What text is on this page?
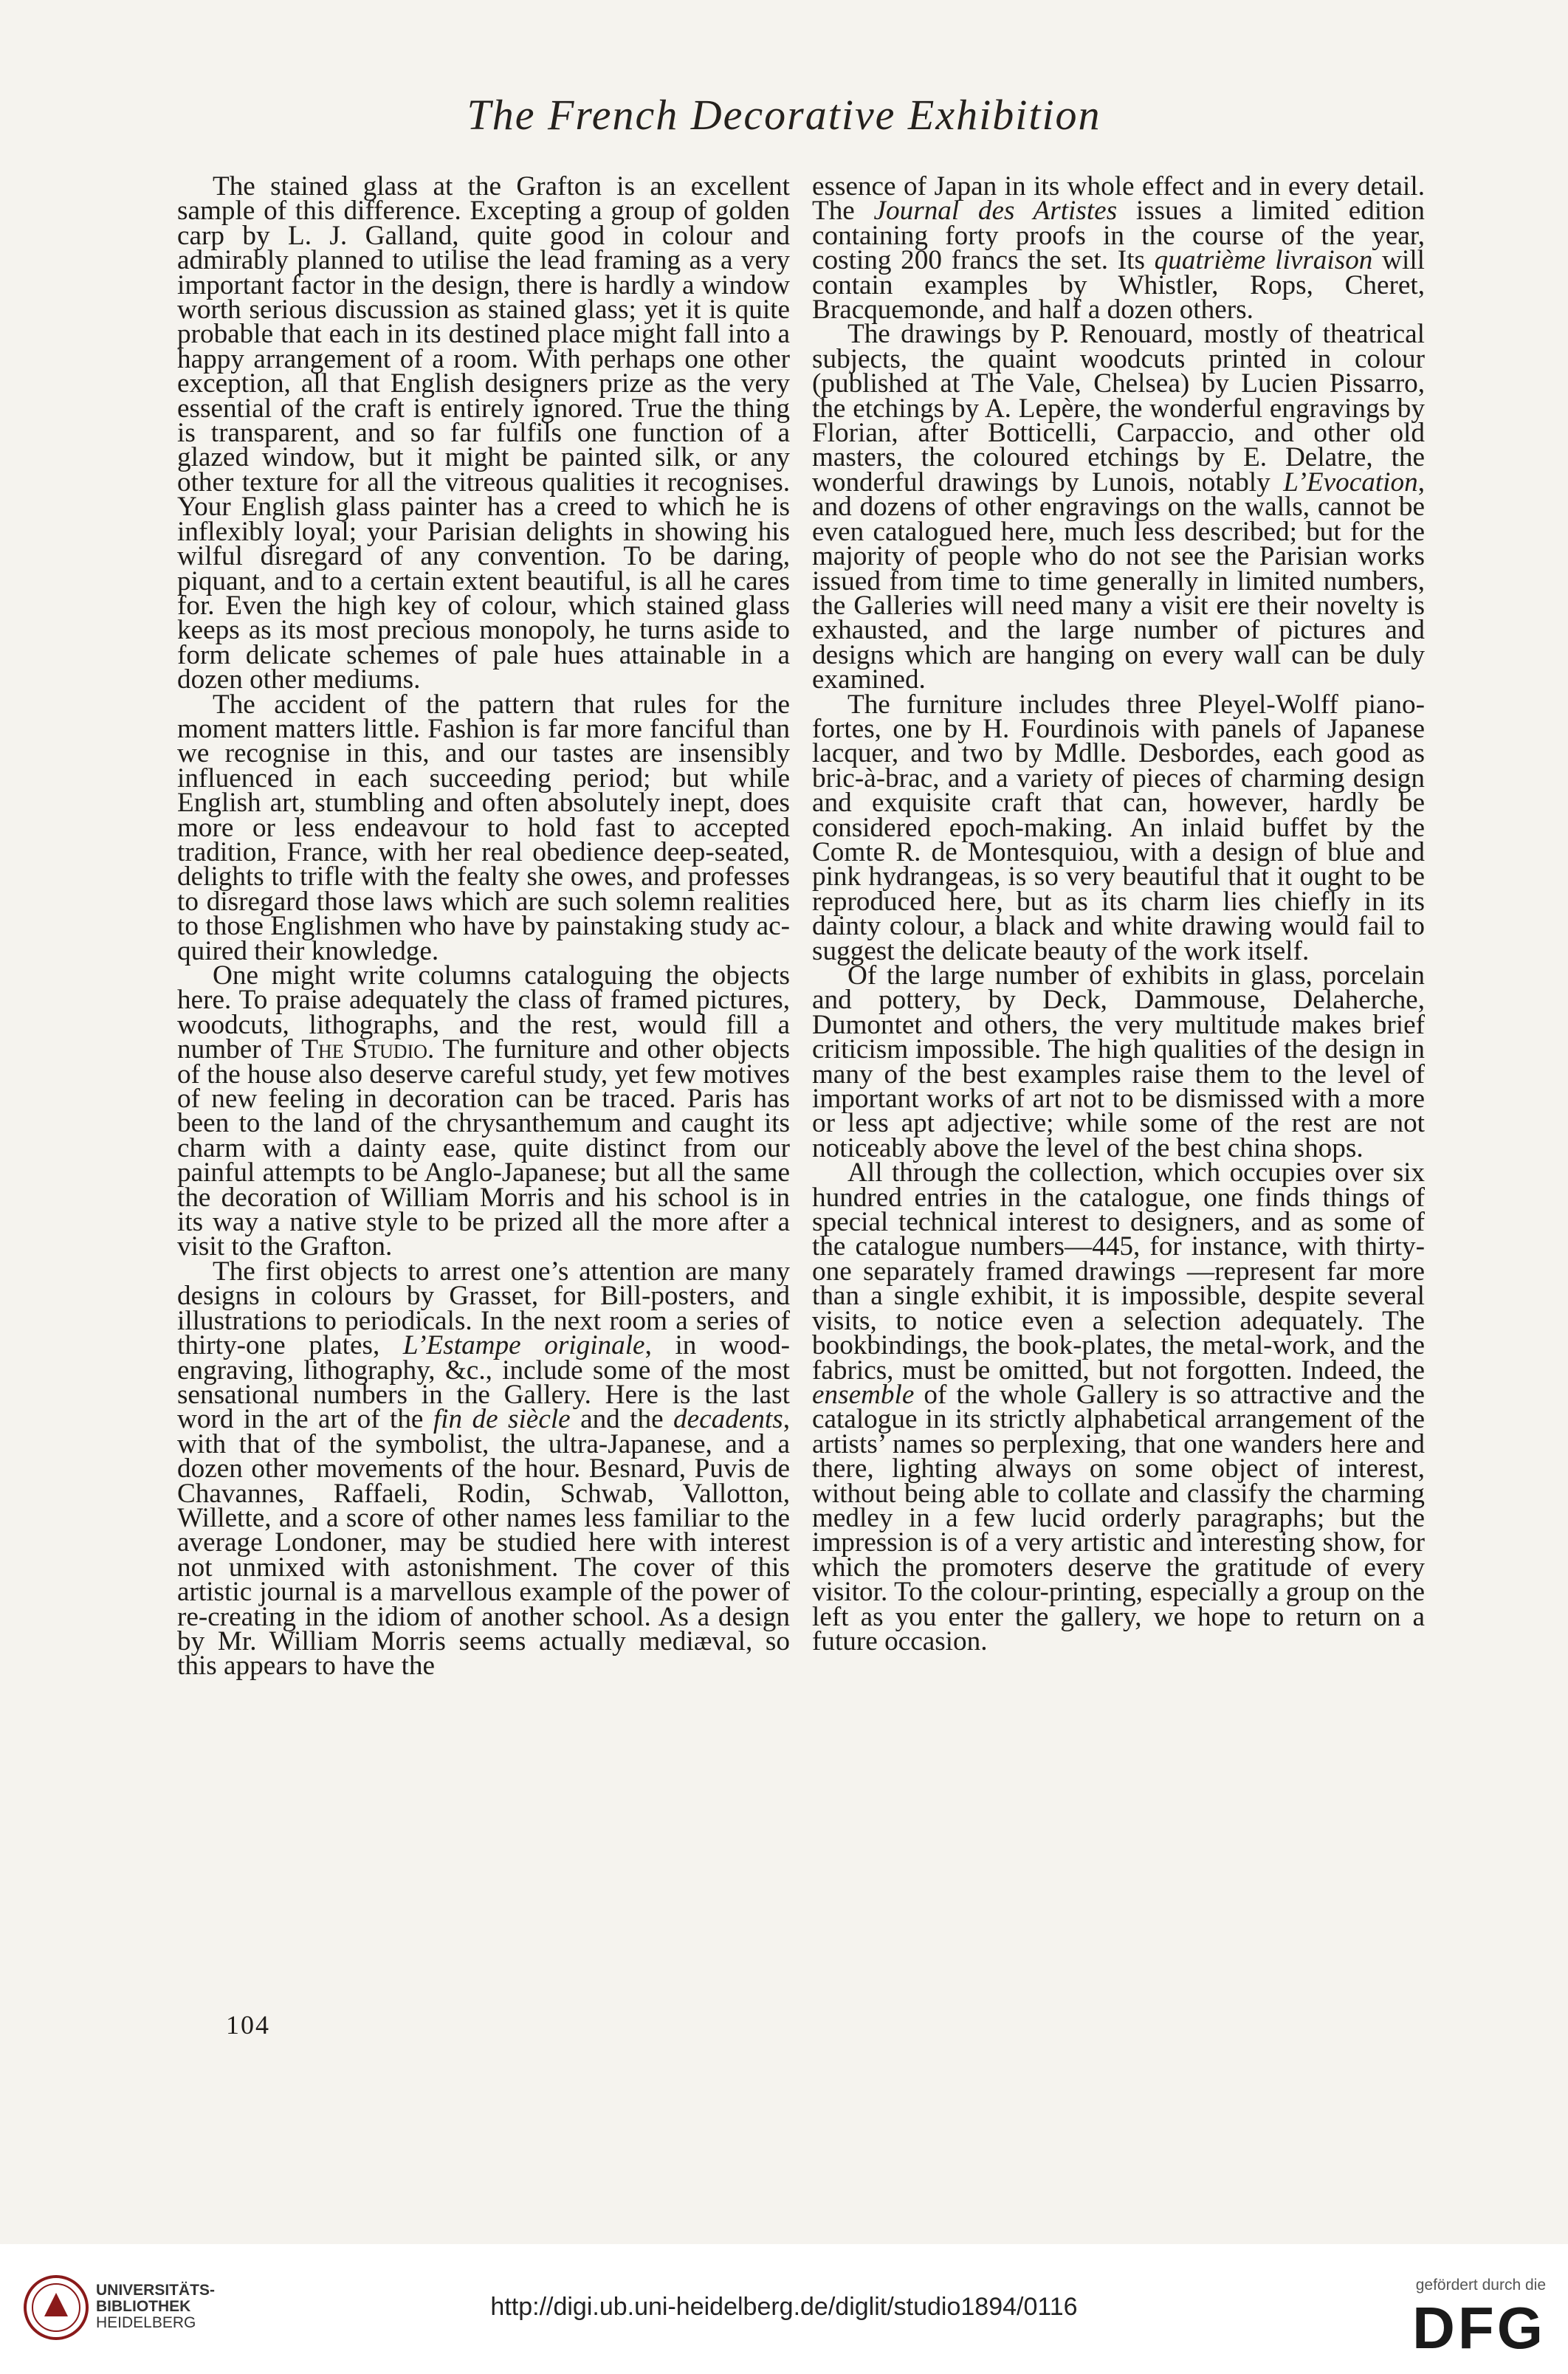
The French Decorative Exhibition

The stained glass at the Grafton is an excellent sample of this difference. Excepting a group of golden carp by L. J. Galland, quite good in colour and admirably planned to utilise the lead framing as a very important factor in the design, there is hardly a window worth serious discussion as stained glass; yet it is quite probable that each in its destined place might fall into a happy arrangement of a room. With perhaps one other exception, all that English designers prize as the very essential of the craft is entirely ignored. True the thing is transparent, and so far fulfils one function of a glazed window, but it might be painted silk, or any other texture for all the vitreous qualities it recognises. Your English glass painter has a creed to which he is inflexibly loyal; your Parisian delights in showing his wilful disregard of any convention. To be daring, piquant, and to a certain extent beautiful, is all he cares for. Even the high key of colour, which stained glass keeps as its most precious monopoly, he turns aside to form delicate schemes of pale hues attainable in a dozen other mediums.

The accident of the pattern that rules for the moment matters little. Fashion is far more fanciful than we recognise in this, and our tastes are insensibly influenced in each succeeding period; but while English art, stumbling and often absolutely inept, does more or less endeavour to hold fast to accepted tradition, France, with her real obedience deep-seated, delights to trifle with the fealty she owes, and professes to disregard those laws which are such solemn realities to those Englishmen who have by painstaking study acquired their knowledge.

One might write columns cataloguing the objects here. To praise adequately the class of framed pictures, woodcuts, lithographs, and the rest, would fill a number of The Studio. The furniture and other objects of the house also deserve careful study, yet few motives of new feeling in decoration can be traced. Paris has been to the land of the chrysanthemum and caught its charm with a dainty ease, quite distinct from our painful attempts to be Anglo-Japanese; but all the same the decoration of William Morris and his school is in its way a native style to be prized all the more after a visit to the Grafton.

The first objects to arrest one’s attention are many designs in colours by Grasset, for Bill-posters, and illustrations to periodicals. In the next room a series of thirty-one plates, L’Estampe originale, in wood-engraving, lithography, &c., include some of the most sensational numbers in the Gallery. Here is the last word in the art of the fin de siècle and the decadents, with that of the symbolist, the ultra-Japanese, and a dozen other movements of the hour. Besnard, Puvis de Chavannes, Raffaeli, Rodin, Schwab, Vallotton, Willette, and a score of other names less familiar to the average Londoner, may be studied here with interest not unmixed with astonishment. The cover of this artistic journal is a marvellous example of the power of re-creating in the idiom of another school. As a design by Mr. William Morris seems actually mediæval, so this appears to have the

104

essence of Japan in its whole effect and in every detail. The Journal des Artistes issues a limited edition containing forty proofs in the course of the year, costing 200 francs the set. Its quatrième livraison will contain examples by Whistler, Rops, Cheret, Bracquemonde, and half a dozen others.

The drawings by P. Renouard, mostly of theatrical subjects, the quaint woodcuts printed in colour (published at The Vale, Chelsea) by Lucien Pissarro, the etchings by A. Lepère, the wonderful engravings by Florian, after Botticelli, Carpaccio, and other old masters, the coloured etchings by E. Delatre, the wonderful drawings by Lunois, notably L’Evocation, and dozens of other engravings on the walls, cannot be even catalogued here, much less described; but for the majority of people who do not see the Parisian works issued from time to time generally in limited numbers, the Galleries will need many a visit ere their novelty is exhausted, and the large number of pictures and designs which are hanging on every wall can be duly examined.

The furniture includes three Pleyel-Wolff pianofortes, one by H. Fourdinois with panels of Japanese lacquer, and two by Mdlle. Desbordes, each good as bric-à-brac, and a variety of pieces of charming design and exquisite craft that can, however, hardly be considered epoch-making. An inlaid buffet by the Comte R. de Montesquiou, with a design of blue and pink hydrangeas, is so very beautiful that it ought to be reproduced here, but as its charm lies chiefly in its dainty colour, a black and white drawing would fail to suggest the delicate beauty of the work itself.

Of the large number of exhibits in glass, porcelain and pottery, by Deck, Dammouse, Delaherche, Dumontet and others, the very multitude makes brief criticism impossible. The high qualities of the design in many of the best examples raise them to the level of important works of art not to be dismissed with a more or less apt adjective; while some of the rest are not noticeably above the level of the best china shops.

All through the collection, which occupies over six hundred entries in the catalogue, one finds things of special technical interest to designers, and as some of the catalogue numbers—445, for instance, with thirty-one separately framed drawings —represent far more than a single exhibit, it is impossible, despite several visits, to notice even a selection adequately. The bookbindings, the book-plates, the metal-work, and the fabrics, must be omitted, but not forgotten. Indeed, the ensemble of the whole Gallery is so attractive and the catalogue in its strictly alphabetical arrangement of the artists’ names so perplexing, that one wanders here and there, lighting always on some object of interest, without being able to collate and classify the charming medley in a few lucid orderly paragraphs; but the impression is of a very artistic and interesting show, for which the promoters deserve the gratitude of every visitor. To the colour-printing, especially a group on the left as you enter the gallery, we hope to return on a future occasion.

UNIVERSITÄTS-
BIBLIOTHEK
HEIDELBERG
http://digi.ub.uni-heidelberg.de/diglit/studio1894/0116
gefördert durch die
DFG
